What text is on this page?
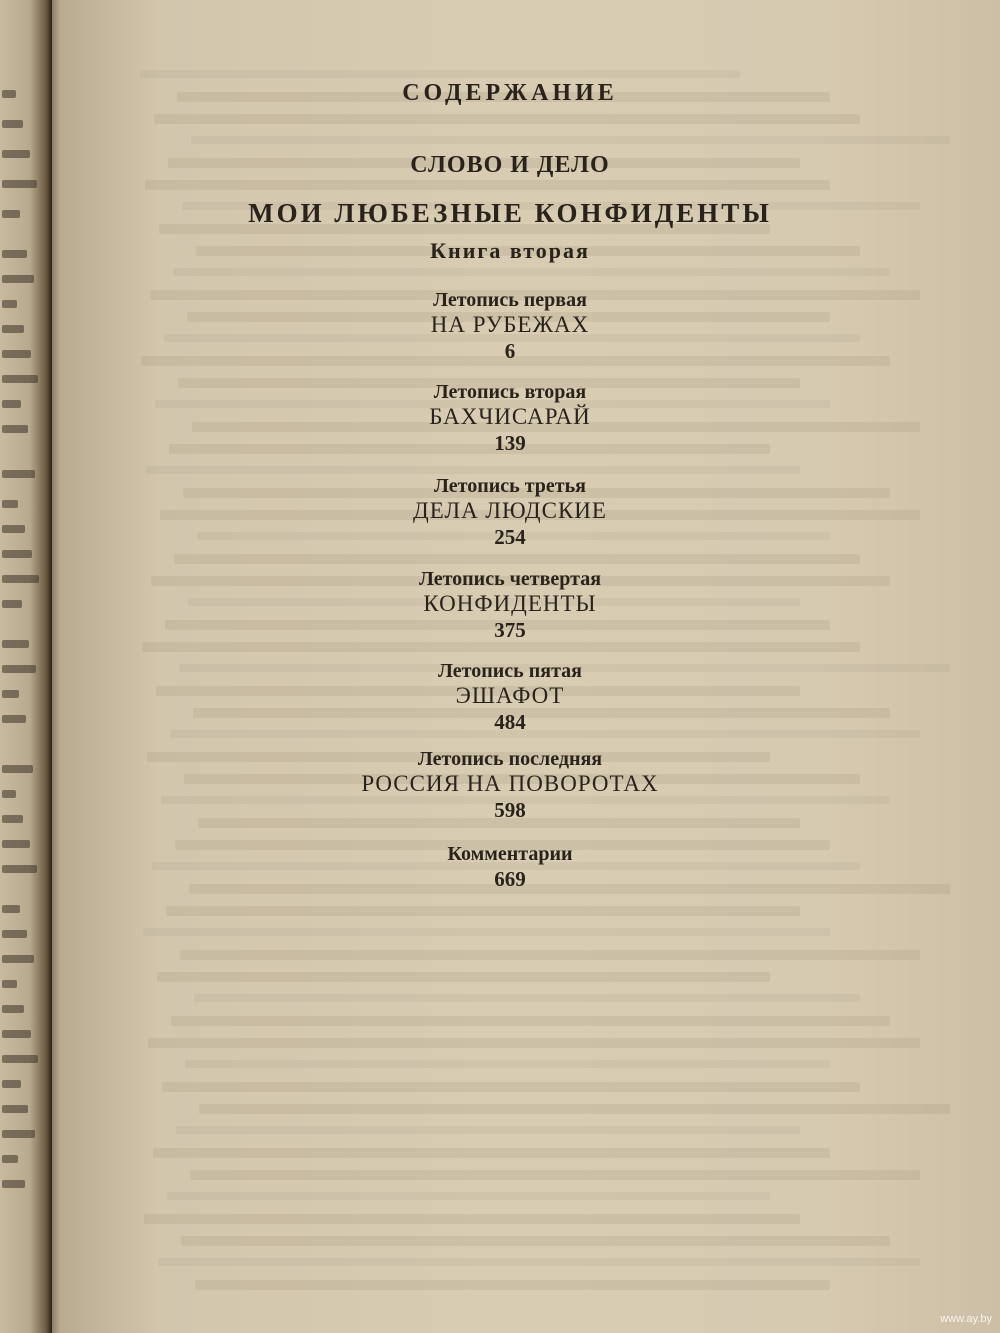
СОДЕРЖАНИЕ
СЛОВО И ДЕЛО
МОИ ЛЮБЕЗНЫЕ КОНФИДЕНТЫ
Книга вторая
Летопись первая
НА РУБЕЖАХ
6
Летопись вторая
БАХЧИСАРАЙ
139
Летопись третья
ДЕЛА ЛЮДСКИЕ
254
Летопись четвертая
КОНФИДЕНТЫ
375
Летопись пятая
ЭШАФОТ
484
Летопись последняя
РОССИЯ НА ПОВОРОТАХ
598
Комментарии
669
www.ay.by
